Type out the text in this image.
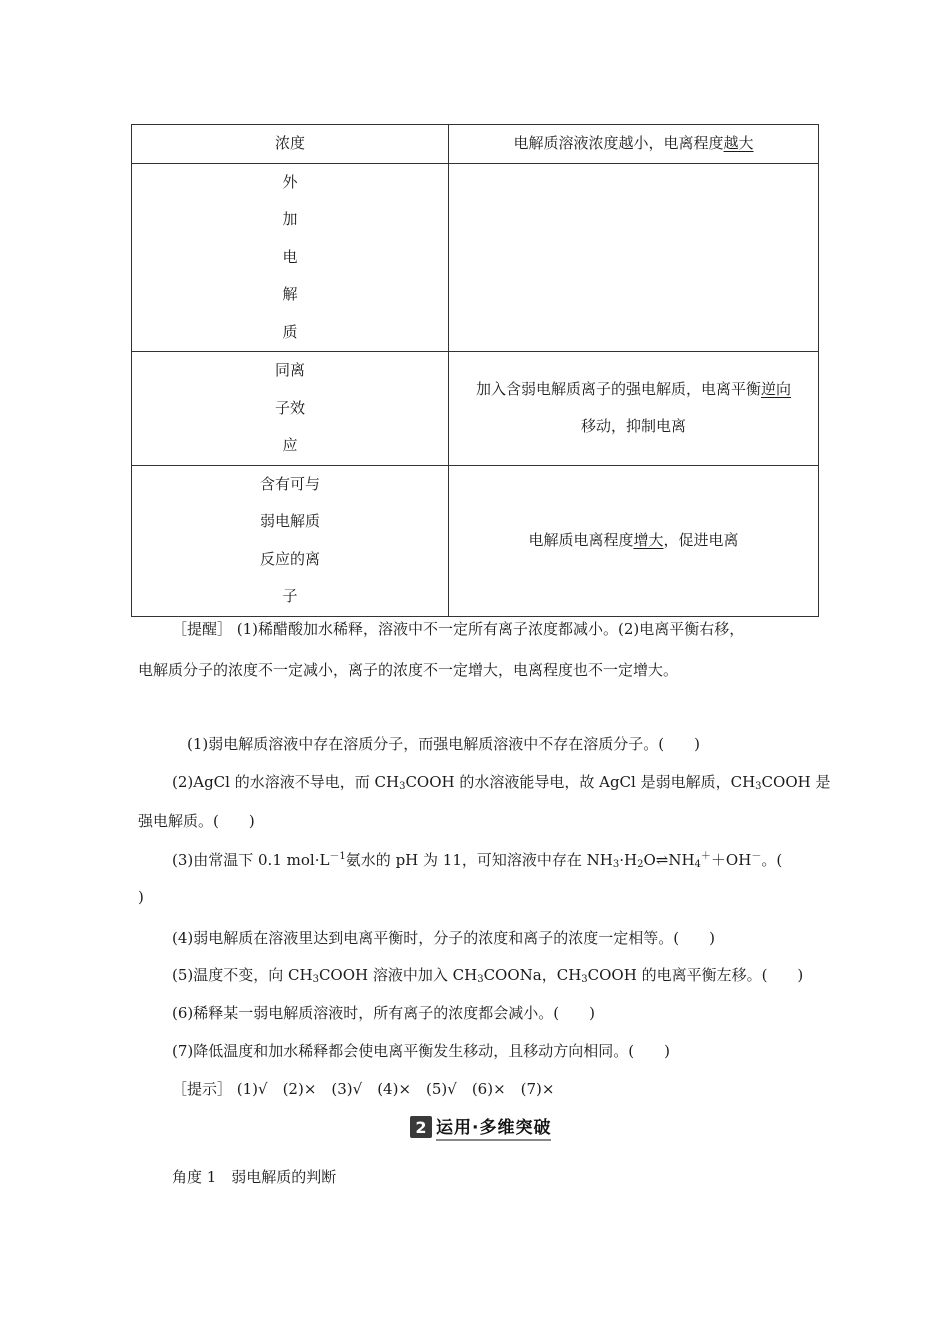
浓度	电解质溶液浓度越小，电离程度越大

外
加
电
解
质	

同离
子效
应	加入含弱电解质离子的强电解质，电离平衡逆向
移动，抑制电离

含有可与
弱电解质
反应的离
子	电解质电离程度增大，促进电离
［提醒］ (1)稀醋酸加水稀释，溶液中不一定所有离子浓度都减小。(2)电离平衡右移，
电解质分子的浓度不一定减小，离子的浓度不一定增大，电离程度也不一定增大。
(1)弱电解质溶液中存在溶质分子，而强电解质溶液中不存在溶质分子。(　　)
(2)AgCl 的水溶液不导电，而 $CH_3COOH$ 的水溶液能导电，故 AgCl 是弱电解质，$CH_3COOH$ 是
强电解质。(　　)
(3)由常温下 0.1 $mol\cdot L^{-1}$氨水的 pH 为 11，可知溶液中存在 $NH_3\cdot H_2O\rightleftharpoons NH_4^++OH^-$。(
)
(4)弱电解质在溶液里达到电离平衡时，分子的浓度和离子的浓度一定相等。(　　)
(5)温度不变，向 $CH_3COOH$ 溶液中加入 $CH_3COONa$，$CH_3COOH$ 的电离平衡左移。(　　)
(6)稀释某一弱电解质溶液时，所有离子的浓度都会减小。(　　)
(7)降低温度和加水稀释都会使电离平衡发生移动，且移动方向相同。(　　)
［提示］ (1)√　(2)×　(3)√　(4)×　(5)√　(6)×　(7)×
2 运用·多维突破
角度 1　弱电解质的判断
